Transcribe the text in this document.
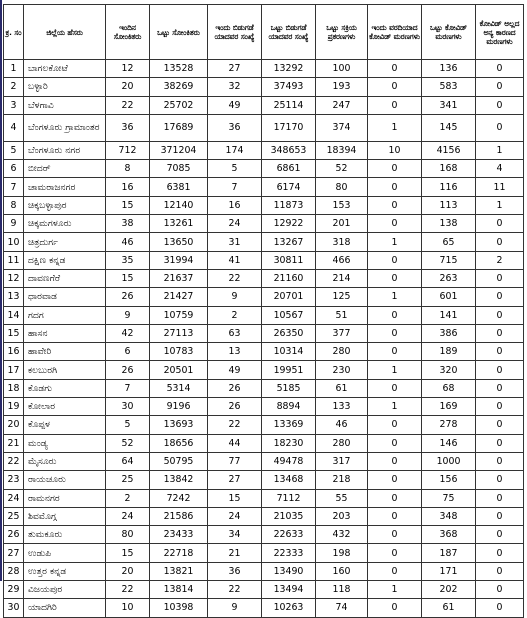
ಕ್ರ. ಸಂ	ಜಿಲ್ಲೆಯ ಹೆಸರು	ಇಂದಿನ ಸೋಂಕಿತರು	ಒಟ್ಟು ಸೋಂಕಿತರು	ಇಂದು ಬಿಡುಗಡೆ ಯಾದವರ ಸಂಖ್ಯೆ	ಒಟ್ಟು ಬಿಡುಗಡೆ ಯಾದವರ ಸಂಖ್ಯೆ	ಒಟ್ಟು ಸಕ್ರಿಯ ಪ್ರಕರಣಗಳು	ಇಂದು ವರದಿಯಾದ ಕೋವಿಡ್ ಮರಣಗಳು	ಒಟ್ಟು ಕೋವಿಡ್ ಮರಣಗಳು	ಕೋವಿಡ್ ಅಲ್ಲದ ಅನ್ಯ ಕಾರಣದ ಮರಣಗಳು
1	ಬಾಗಲಕೋಟೆ	12	13528	27	13292	100	0	136	0
2	ಬಳ್ಳಾರಿ	20	38269	32	37493	193	0	583	0
3	ಬೆಳಗಾವಿ	22	25702	49	25114	247	0	341	0
4	ಬೆಂಗಳೂರು ಗ್ರಾಮಾಂತರ	36	17689	36	17170	374	1	145	0
5	ಬೆಂಗಳೂರು ನಗರ	712	371204	174	348653	18394	10	4156	1
6	ಬೀದರ್	8	7085	5	6861	52	0	168	4
7	ಚಾಮರಾಜನಗರ	16	6381	7	6174	80	0	116	11
8	ಚಿಕ್ಕಬಳ್ಳಾಪುರ	15	12140	16	11873	153	0	113	1
9	ಚಿಕ್ಕಮಗಳೂರು	38	13261	24	12922	201	0	138	0
10	ಚಿತ್ರದುರ್ಗ	46	13650	31	13267	318	1	65	0
11	ದಕ್ಷಿಣ ಕನ್ನಡ	35	31994	41	30811	466	0	715	2
12	ದಾವಣಗೆರೆ	15	21637	22	21160	214	0	263	0
13	ಧಾರವಾಡ	26	21427	9	20701	125	1	601	0
14	ಗದಗ	9	10759	2	10567	51	0	141	0
15	ಹಾಸನ	42	27113	63	26350	377	0	386	0
16	ಹಾವೇರಿ	6	10783	13	10314	280	0	189	0
17	ಕಲಬುರಗಿ	26	20501	49	19951	230	1	320	0
18	ಕೊಡಗು	7	5314	26	5185	61	0	68	0
19	ಕೋಲಾರ	30	9196	26	8894	133	1	169	0
20	ಕೊಪ್ಪಳ	5	13693	22	13369	46	0	278	0
21	ಮಂಡ್ಯ	52	18656	44	18230	280	0	146	0
22	ಮೈಸೂರು	64	50795	77	49478	317	0	1000	0
23	ರಾಯಚೂರು	25	13842	27	13468	218	0	156	0
24	ರಾಮನಗರ	2	7242	15	7112	55	0	75	0
25	ಶಿವಮೊಗ್ಗ	24	21586	24	21035	203	0	348	0
26	ತುಮಕೂರು	80	23433	34	22633	432	0	368	0
27	ಉಡುಪಿ	15	22718	21	22333	198	0	187	0
28	ಉತ್ತರ ಕನ್ನಡ	20	13821	36	13490	160	0	171	0
29	ವಿಜಯಪುರ	22	13814	22	13494	118	1	202	0
30	ಯಾದಗಿರಿ	10	10398	9	10263	74	0	61	0
